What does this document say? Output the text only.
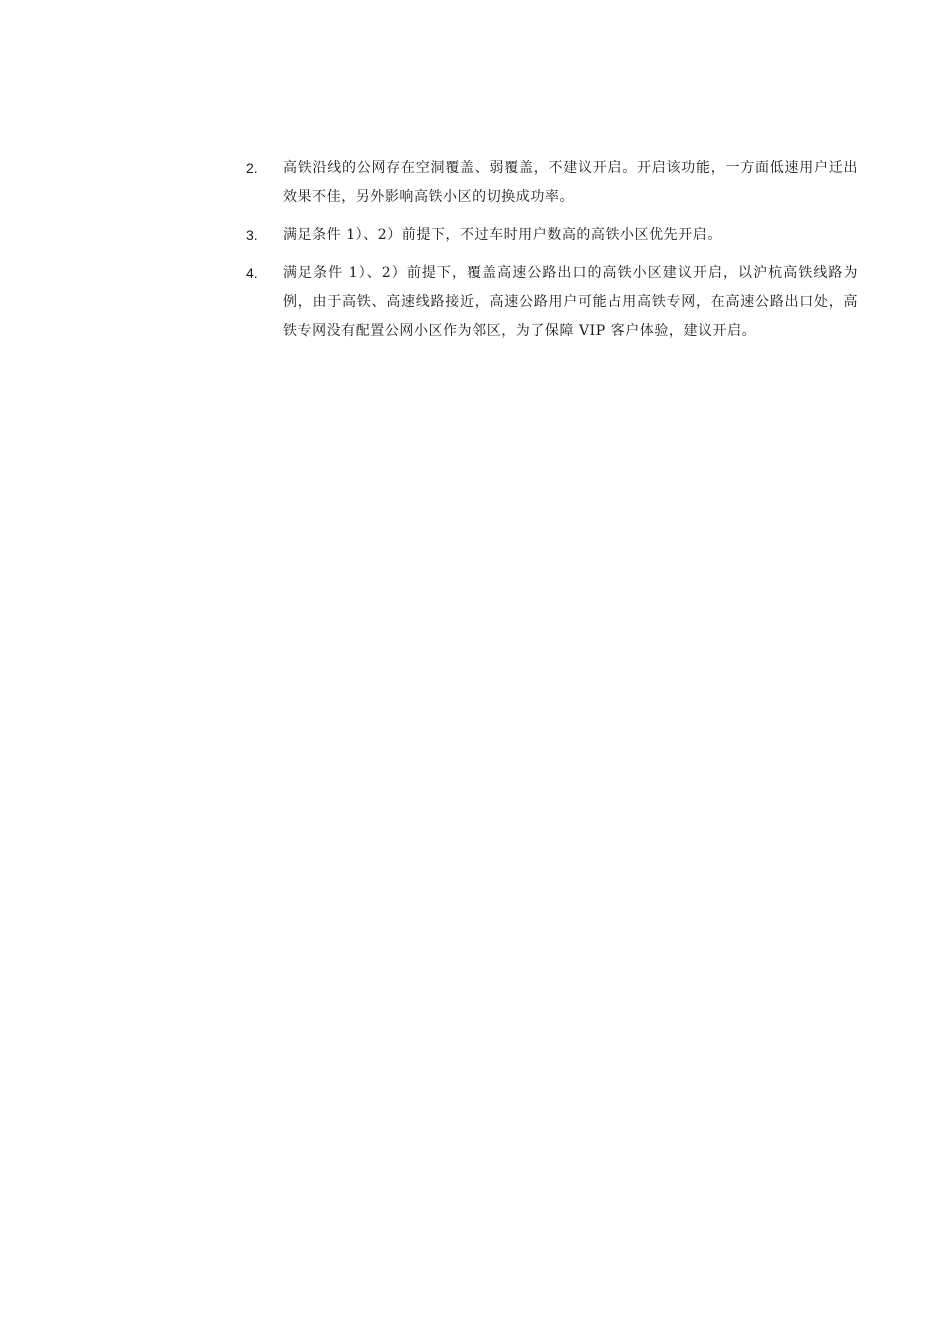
2.	高铁沿线的公网存在空洞覆盖、弱覆盖，不建议开启。开启该功能，一方面低速用户迁出效果不佳，另外影响高铁小区的切换成功率。
3.	满足条件 1）、2）前提下，不过车时用户数高的高铁小区优先开启。
4.	满足条件 1）、2）前提下，覆盖高速公路出口的高铁小区建议开启，以沪杭高铁线路为例，由于高铁、高速线路接近，高速公路用户可能占用高铁专网，在高速公路出口处，高铁专网没有配置公网小区作为邻区，为了保障 VIP 客户体验，建议开启。
